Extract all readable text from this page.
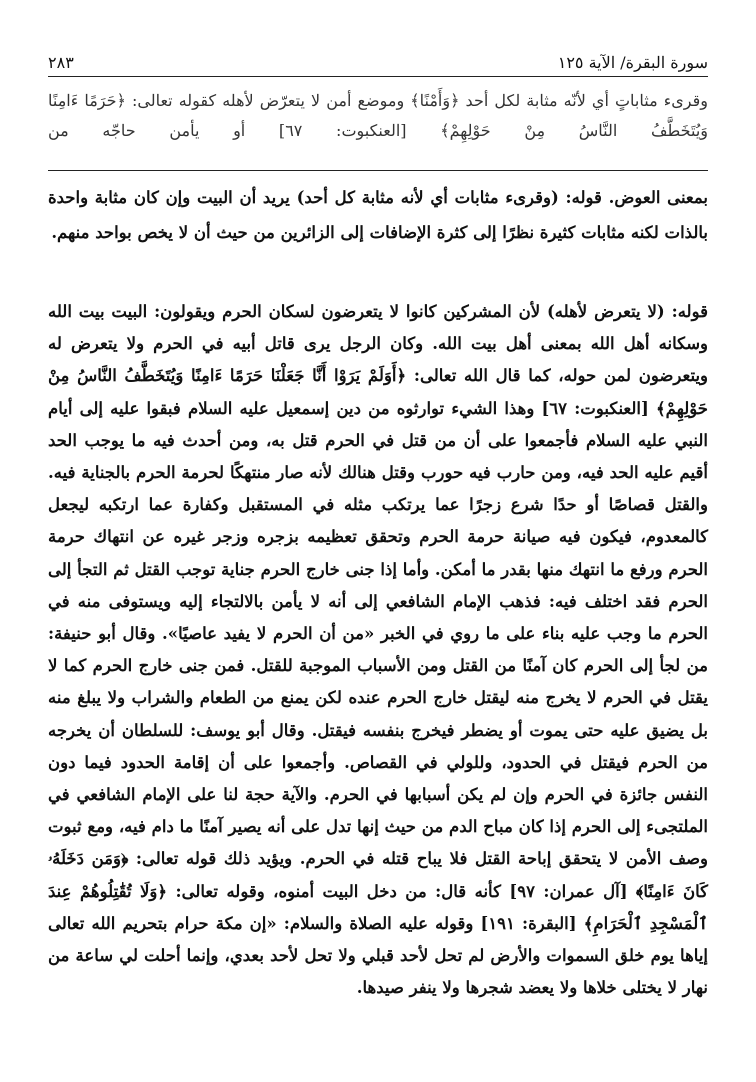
سورة البقرة/ الآية ١٢٥
٢٨٣

وقرىء مثاباتٍ أي لأنّه مثابة لكل أحد ﴿وَأَمْنًا﴾ وموضع أمن لا يتعرّض لأهله كقوله تعالى: ﴿حَرَمًا ءَامِنًا وَيُتَخَطَّفُ النَّاسُ مِنْ حَوْلِهِمْ﴾ [العنكبوت: ٦٧] أو يأمن حاجّه من

بمعنى العوض. قوله: (وقرىء مثابات أي لأنه مثابة كل أحد) يريد أن البيت وإن كان مثابة واحدة بالذات لكنه مثابات كثيرة نظرًا إلى كثرة الإضافات إلى الزائرين من حيث أن لا يخص بواحد منهم.

قوله: (لا يتعرض لأهله) لأن المشركين كانوا لا يتعرضون لسكان الحرم ويقولون: البيت بيت الله وسكانه أهل الله بمعنى أهل بيت الله. وكان الرجل يرى قاتل أبيه في الحرم ولا يتعرض له ويتعرضون لمن حوله، كما قال الله تعالى: ﴿أَوَلَمْ يَرَوْا أَنَّا جَعَلْنَا حَرَمًا ءَامِنًا وَيُتَخَطَّفُ النَّاسُ مِنْ حَوْلِهِمْ﴾ [العنكبوت: ٦٧] وهذا الشيء توارثوه من دين إسمعيل عليه السلام فبقوا عليه إلى أيام النبي عليه السلام فأجمعوا على أن من قتل في الحرم قتل به، ومن أحدث فيه ما يوجب الحد أقيم عليه الحد فيه، ومن حارب فيه حورب وقتل هنالك لأنه صار منتهكًا لحرمة الحرم بالجناية فيه. والقتل قصاصًا أو حدًا شرع زجرًا عما يرتكب مثله في المستقبل وكفارة عما ارتكبه ليجعل كالمعدوم، فيكون فيه صيانة حرمة الحرم وتحقق تعظيمه بزجره وزجر غيره عن انتهاك حرمة الحرم ورفع ما انتهك منها بقدر ما أمكن. وأما إذا جنى خارج الحرم جناية توجب القتل ثم التجأ إلى الحرم فقد اختلف فيه: فذهب الإمام الشافعي إلى أنه لا يأمن بالالتجاء إليه ويستوفى منه في الحرم ما وجب عليه بناء على ما روي في الخبر «من أن الحرم لا يفيد عاصيًا». وقال أبو حنيفة: من لجأ إلى الحرم كان آمنًا من القتل ومن الأسباب الموجبة للقتل. فمن جنى خارج الحرم كما لا يقتل في الحرم لا يخرج منه ليقتل خارج الحرم عنده لكن يمنع من الطعام والشراب ولا يبلغ منه بل يضيق عليه حتى يموت أو يضطر فيخرج بنفسه فيقتل. وقال أبو يوسف: للسلطان أن يخرجه من الحرم فيقتل في الحدود، وللولي في القصاص. وأجمعوا على أن إقامة الحدود فيما دون النفس جائزة في الحرم وإن لم يكن أسبابها في الحرم. والآية حجة لنا على الإمام الشافعي في الملتجىء إلى الحرم إذا كان مباح الدم من حيث إنها تدل على أنه يصير آمنًا ما دام فيه، ومع ثبوت وصف الأمن لا يتحقق إباحة القتل فلا يباح قتله في الحرم. ويؤيد ذلك قوله تعالى: ﴿وَمَن دَخَلَهُۥ كَانَ ءَامِنًا﴾ [آل عمران: ٩٧] كأنه قال: من دخل البيت أمنوه، وقوله تعالى: ﴿وَلَا تُقَٰتِلُوهُمْ عِندَ ٱلْمَسْجِدِ ٱلْحَرَامِ﴾ [البقرة: ١٩١] وقوله عليه الصلاة والسلام: «إن مكة حرام بتحريم الله تعالى إياها يوم خلق السموات والأرض لم تحل لأحد قبلي ولا تحل لأحد بعدي، وإنما أحلت لي ساعة من نهار لا يختلى خلاها ولا يعضد شجرها ولا ينفر صيدها.
